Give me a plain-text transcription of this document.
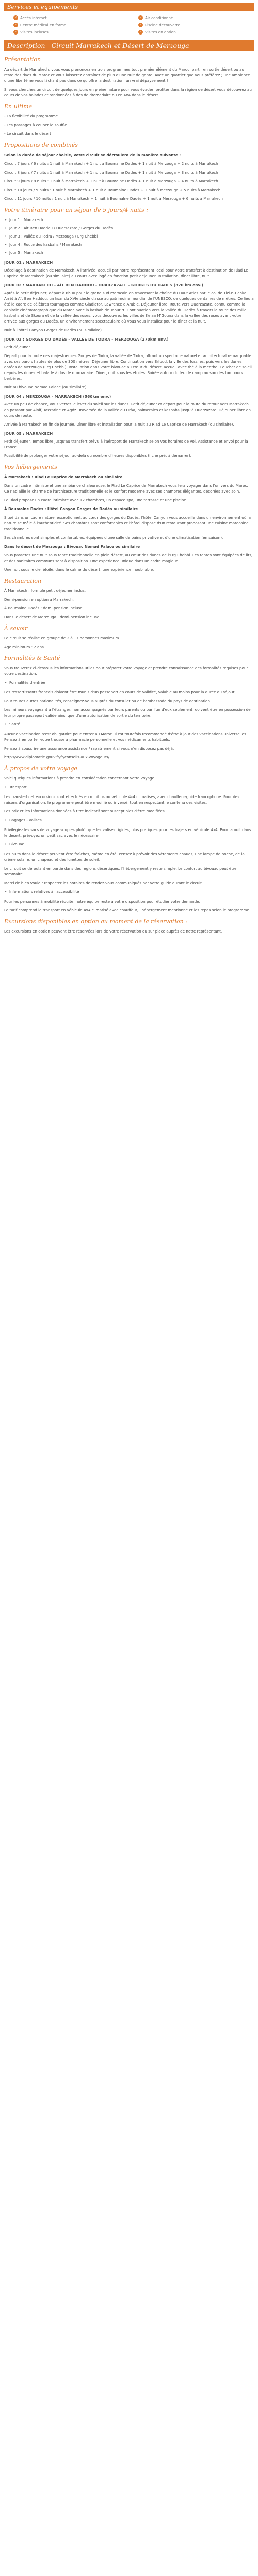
Services et equipements
✓ Accès internet	✓ Air conditionné
✓ Centre médical en forme	✓ Piscine découverte
✓ Visites incluses	✓ Visites en option
Description - Circuit Marrakech et Désert de Merzouga
Présentation

Au départ de Marrakech, vous vous prononcez en trois programmes tout premier élément du Maroc, partir en sortie désert ou au reste des rives du Maroc et vous laisserez entraîner de plus d'une nuit de genre. Avec un quartier que vous préférez ; une ambiance d'une liberté ne vous lâchant pas dans ce qu'offre la destination, un vrai dépaysement !

Si vous cherchez un circuit de quelques jours en pleine nature pour vous évader, profiter dans la région de désert vous découvrez au cours de vos balades et randonnées à dos de dromadaire ou en 4x4 dans le désert.

En ultime

- La flexibilité du programme

- Les passages à couper le souffle

- Le circuit dans le désert

Propositions de combinés

Selon la durée de séjour choisie, votre circuit se dérroulera de la manière suivante :

Circuit 7 jours / 6 nuits : 1 nuit à Marrakech + 1 nuit à Boumalne Dadès + 1 nuit à Merzouga + 2 nuits à Marrakech

Circuit 8 jours / 7 nuits : 1 nuit à Marrakech + 1 nuit à Boumalne Dadès + 1 nuit à Merzouga + 3 nuits à Marrakech

Circuit 9 jours / 8 nuits : 1 nuit à Marrakech + 1 nuit à Boumalne Dadès + 1 nuit à Merzouga + 4 nuits à Marrakech

Circuit 10 jours / 9 nuits : 1 nuit à Marrakech + 1 nuit à Boumalne Dadès + 1 nuit à Merzouga + 5 nuits à Marrakech

Circuit 11 jours / 10 nuits : 1 nuit à Marrakech + 1 nuit à Boumalne Dadès + 1 nuit à Merzouga + 6 nuits à Marrakech

Votre itinéraire pour un séjour de 5 jours/4 nuits :
• Jour 1 : Marrakech
• Jour 2 : Aït Ben Haddou / Ouarzazate / Gorges du Dadès
• Jour 3 : Vallée du Todra / Merzouga / Erg Chebbi
• Jour 4 : Route des kasbahs / Marrakech
• Jour 5 : Marrakech
JOUR 01 : MARRAKECH

Décollage à destination de Marrakech. À l'arrivée, accueil par notre représentant local pour votre transfert à destination de Riad Le Caprice de Marrakech (ou similaire) au cours avec logé en fonction petit déjeuner. Installation, dîner libre, nuit.

JOUR 02 : MARRAKECH - AÏT BEN HADDOU - OUARZAZATE - GORGES DU DADES (320 km env.)

Après le petit déjeuner, départ à 8h00 pour le grand sud marocain en traversant la chaîne du Haut Atlas par le col de Tizi-n-Tichka. Arrêt à Aït Ben Haddou, un ksar du XVIe siècle classé au patrimoine mondial de l'UNESCO, de quelques centaines de mètres. Ce lieu a été le cadre de célèbres tournages comme Gladiator, Lawrence d'Arabie. Déjeuner libre. Route vers Ouarzazate, connu comme la capitale cinématographique du Maroc avec la kasbah de Taourirt. Continuation vers la vallée du Dadès à travers la route des mille kasbahs et de Skoura et de la vallée des roses, vous découvrez les villes de Kelaa M'Gouna dans la vallée des roses avant votre arrivée aux gorges du Dadès, un environnement spectaculaire où vous vous installez pour le dîner et la nuit.

Nuit à l'hôtel Canyon Gorges de Dadès (ou similaire).

JOUR 03 : GORGES DU DADÈS - VALLÉE DE TODRA - MERZOUGA (270km env.)

Petit déjeuner.

Départ pour la route des majestueuses Gorges de Todra, la vallée de Todra, offrant un spectacle naturel et architectural remarquable avec ses parois hautes de plus de 300 mètres. Déjeuner libre. Continuation vers Erfoud, la ville des fossiles, puis vers les dunes dorées de Merzouga (Erg Chebbi). Installation dans votre bivouac au cœur du désert, accueil avec thé à la menthe. Coucher de soleil depuis les dunes et balade à dos de dromadaire. Dîner, nuit sous les étoiles. Soirée autour du feu de camp au son des tambours berbères.

Nuit au bivouac Nomad Palace (ou similaire).

JOUR 04 : MERZOUGA - MARRAKECH (560km env.)

Avec un peu de chance, vous verrez le lever du soleil sur les dunes. Petit déjeuner et départ pour la route du retour vers Marrakech en passant par Alnif, Tazzarine et Agdz. Traversée de la vallée du Drâa, palmeraies et kasbahs jusqu'à Ouarzazate. Déjeuner libre en cours de route.

Arrivée à Marrakech en fin de journée. Dîner libre et installation pour la nuit au Riad Le Caprice de Marrakech (ou similaire).

JOUR 05 : MARRAKECH

Petit déjeuner. Temps libre jusqu'au transfert prévu à l'aéroport de Marrakech selon vos horaires de vol. Assistance et envol pour la France.

Possibilité de prolonger votre séjour au-delà du nombre d'heures disponibles (fiche prêt à démarrer).

Vos hébergements

À Marrakech : Riad Le Caprice de Marrakech ou similaire

Dans un cadre intimiste et une ambiance chaleureuse, le Riad Le Caprice de Marrakech vous fera voyager dans l'univers du Maroc. Ce riad allie le charme de l'architecture traditionnelle et le confort moderne avec ses chambres élégantes, décorées avec soin.

Le Riad propose un cadre intimiste avec 12 chambres, un espace spa, une terrasse et une piscine.

À Boumalne Dadès : Hôtel Canyon Gorges de Dadès ou similaire

Situé dans un cadre naturel exceptionnel, au cœur des gorges du Dadès, l'hôtel Canyon vous accueille dans un environnement où la nature se mêle à l'authenticité. Ses chambres sont confortables et l'hôtel dispose d'un restaurant proposant une cuisine marocaine traditionnelle.

Ses chambres sont simples et confortables, équipées d'une salle de bains privative et d'une climatisation (en saison).

Dans le désert de Merzouga : Bivouac Nomad Palace ou similaire

Vous passerez une nuit sous tente traditionnelle en plein désert, au cœur des dunes de l'Erg Chebbi. Les tentes sont équipées de lits, et des sanitaires communs sont à disposition. Une expérience unique dans un cadre magique.

Une nuit sous le ciel étoilé, dans le calme du désert, une expérience inoubliable.

Restauration

À Marrakech : formule petit déjeuner inclus.

Demi-pension en option à Marrakech.

À Boumalne Dadès : demi-pension incluse.

Dans le désert de Merzouga : demi-pension incluse.

À savoir

Le circuit se réalise en groupe de 2 à 17 personnes maximum.

Âge minimum : 2 ans.

Formalités & Santé

Vous trouverez ci-dessous les informations utiles pour préparer votre voyage et prendre connaissance des formalités requises pour votre destination.

• Formalités d'entrée

Les ressortissants français doivent être munis d'un passeport en cours de validité, valable au moins pour la durée du séjour.

Pour toutes autres nationalités, renseignez-vous auprès du consulat ou de l'ambassade du pays de destination.

Les mineurs voyageant à l'étranger, non accompagnés par leurs parents ou par l'un d'eux seulement, doivent être en possession de leur propre passeport valide ainsi que d'une autorisation de sortie du territoire.

• Santé

Aucune vaccination n'est obligatoire pour entrer au Maroc. Il est toutefois recommandé d'être à jour des vaccinations universelles. Pensez à emporter votre trousse à pharmacie personnelle et vos médicaments habituels.

Pensez à souscrire une assurance assistance / rapatriement si vous n'en disposez pas déjà.

http://www.diplomatie.gouv.fr/fr/conseils-aux-voyageurs/

À propos de votre voyage

Voici quelques informations à prendre en considération concernant votre voyage.

• Transport

Les transferts et excursions sont effectués en minibus ou véhicule 4x4 climatisés, avec chauffeur-guide francophone. Pour des raisons d'organisation, le programme peut être modifié ou inversé, tout en respectant le contenu des visites.

Les prix et les informations données à titre indicatif sont susceptibles d'être modifiées.

• Bagages - valises

Privilégiez les sacs de voyage souples plutôt que les valises rigides, plus pratiques pour les trajets en véhicule 4x4. Pour la nuit dans le désert, prévoyez un petit sac avec le nécessaire.

• Bivouac

Les nuits dans le désert peuvent être fraîches, même en été. Pensez à prévoir des vêtements chauds, une lampe de poche, de la crème solaire, un chapeau et des lunettes de soleil.

Le circuit se déroulant en partie dans des régions désertiques, l'hébergement y reste simple. Le confort au bivouac peut être sommaire.

Merci de bien vouloir respecter les horaires de rendez-vous communiqués par votre guide durant le circuit.

• Informations relatives à l'accessibilité

Pour les personnes à mobilité réduite, notre équipe reste à votre disposition pour étudier votre demande.

Le tarif comprend le transport en véhicule 4x4 climatisé avec chauffeur, l'hébergement mentionné et les repas selon le programme.

Excursions disponibles en option au moment de la réservation :

Les excursions en option peuvent être réservées lors de votre réservation ou sur place auprès de notre représentant.
